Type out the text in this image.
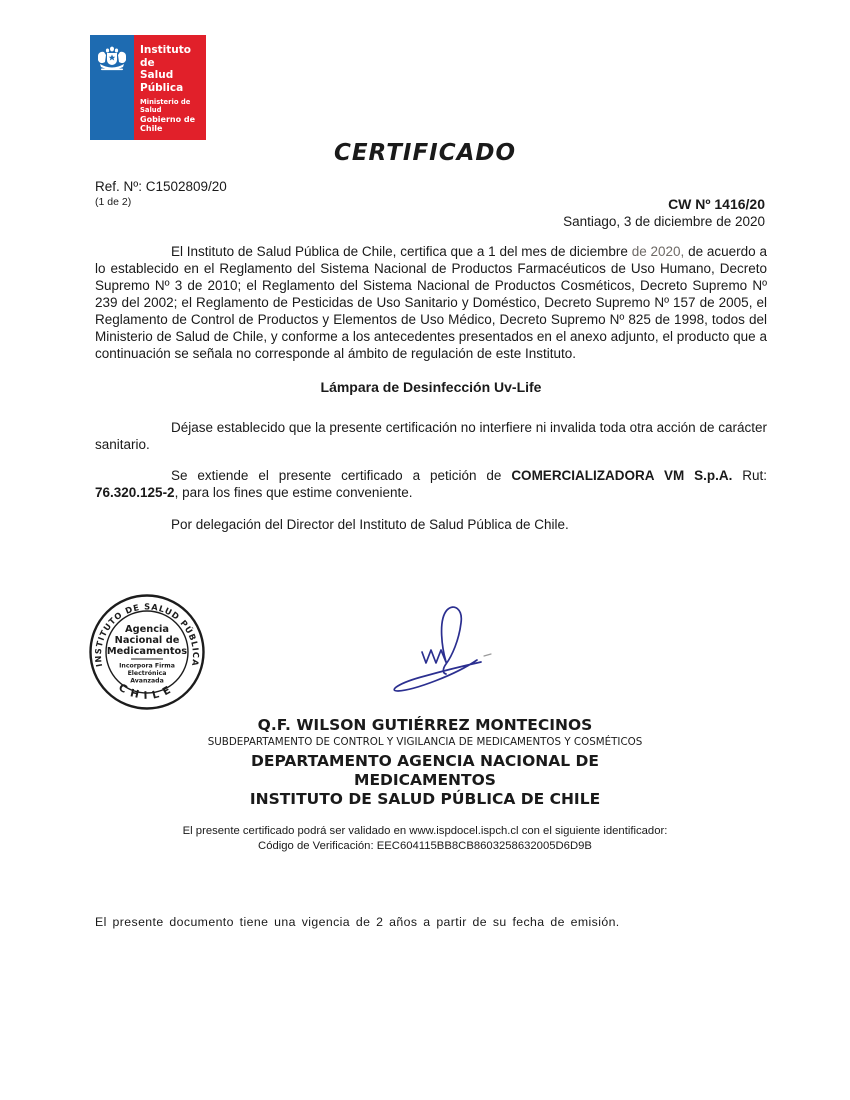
Instituto de
Salud Pública
Ministerio de Salud
Gobierno de Chile
CERTIFICADO
Ref. Nº: C1502809/20
(1 de 2)	CW Nº 1416/20
Santiago, 3 de diciembre de 2020

El Instituto de Salud Pública de Chile, certifica que a 1 del mes de diciembre de 2020, de acuerdo a lo establecido en el Reglamento del Sistema Nacional de Productos Farmacéuticos de Uso Humano, Decreto Supremo Nº 3 de 2010; el Reglamento del Sistema Nacional de Productos Cosméticos, Decreto Supremo Nº 239 del 2002; el Reglamento de Pesticidas de Uso Sanitario y Doméstico, Decreto Supremo Nº 157 de 2005, el Reglamento de Control de Productos y Elementos de Uso Médico, Decreto Supremo Nº 825 de 1998, todos del Ministerio de Salud de Chile, y conforme a los antecedentes presentados en el anexo adjunto, el producto que a continuación se señala no corresponde al ámbito de regulación de este Instituto.

Lámpara de Desinfección Uv-Life

Déjase establecido que la presente certificación no interfiere ni invalida toda otra acción de carácter sanitario.

Se extiende el presente certificado a petición de COMERCIALIZADORA VM S.p.A. Rut: 76.320.125-2, para los fines que estime conveniente.

Por delegación del Director del Instituto de Salud Pública de Chile.

INSTITUTO DE SALUD PÚBLICA
CHILE
Agencia
Nacional de
Medicamentos
Incorpora Firma
Electrónica
Avanzada
Q.F. WILSON GUTIÉRREZ MONTECINOS
SUBDEPARTAMENTO DE CONTROL Y VIGILANCIA DE MEDICAMENTOS Y COSMÉTICOS
DEPARTAMENTO AGENCIA NACIONAL DE MEDICAMENTOS
INSTITUTO DE SALUD PÚBLICA DE CHILE
El presente certificado podrá ser validado en www.ispdocel.ispch.cl con el siguiente identificador:
Código de Verificación: EEC604115BB8CB8603258632005D6D9B
El presente documento tiene una vigencia de 2 años a partir de su fecha de emisión.
